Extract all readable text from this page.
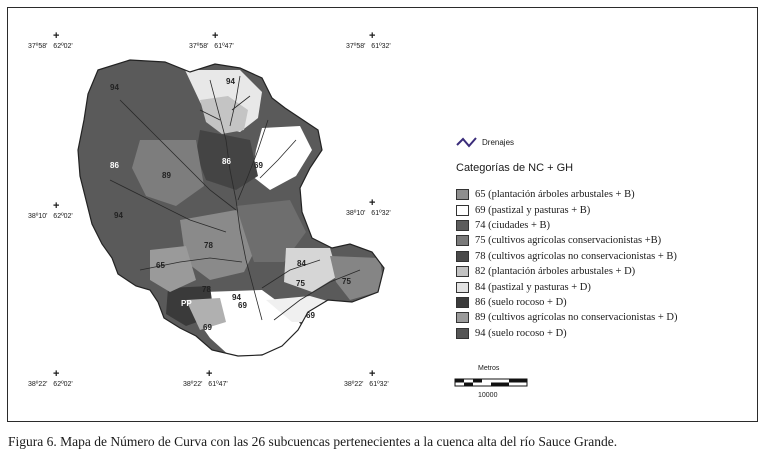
+
37º58'   62º02'
+
37º58'   61º47'
+
37º58'   61º32'
+
38º10'   62º02'
+
38º10'   61º32'
+
38º22'   62º02'
+
38º22'   61º47'
+
38º22'   61º32'
94
94
94
94
86
86	69
69
69
69
78
78
84
75	75
65
89
PP
Drenajes
Categorías de NC + GH
65 (plantación árboles arbustales + B)
69 (pastizal y pasturas + B)
74 (ciudades + B)
75 (cultivos agrícolas conservacionistas +B)
78 (cultivos agrícolas no conservacionistas + B)
82 (plantación árboles arbustales + D)
84 (pastizal y pasturas + D)
86 (suelo rocoso + D)
89 (cultivos agrícolas no conservacionistas + D)
94 (suelo rocoso + D)
Metros
10000
Figura 6. Mapa de Número de Curva con las 26 subcuencas pertenecientes a la cuenca alta del río Sauce Grande.
